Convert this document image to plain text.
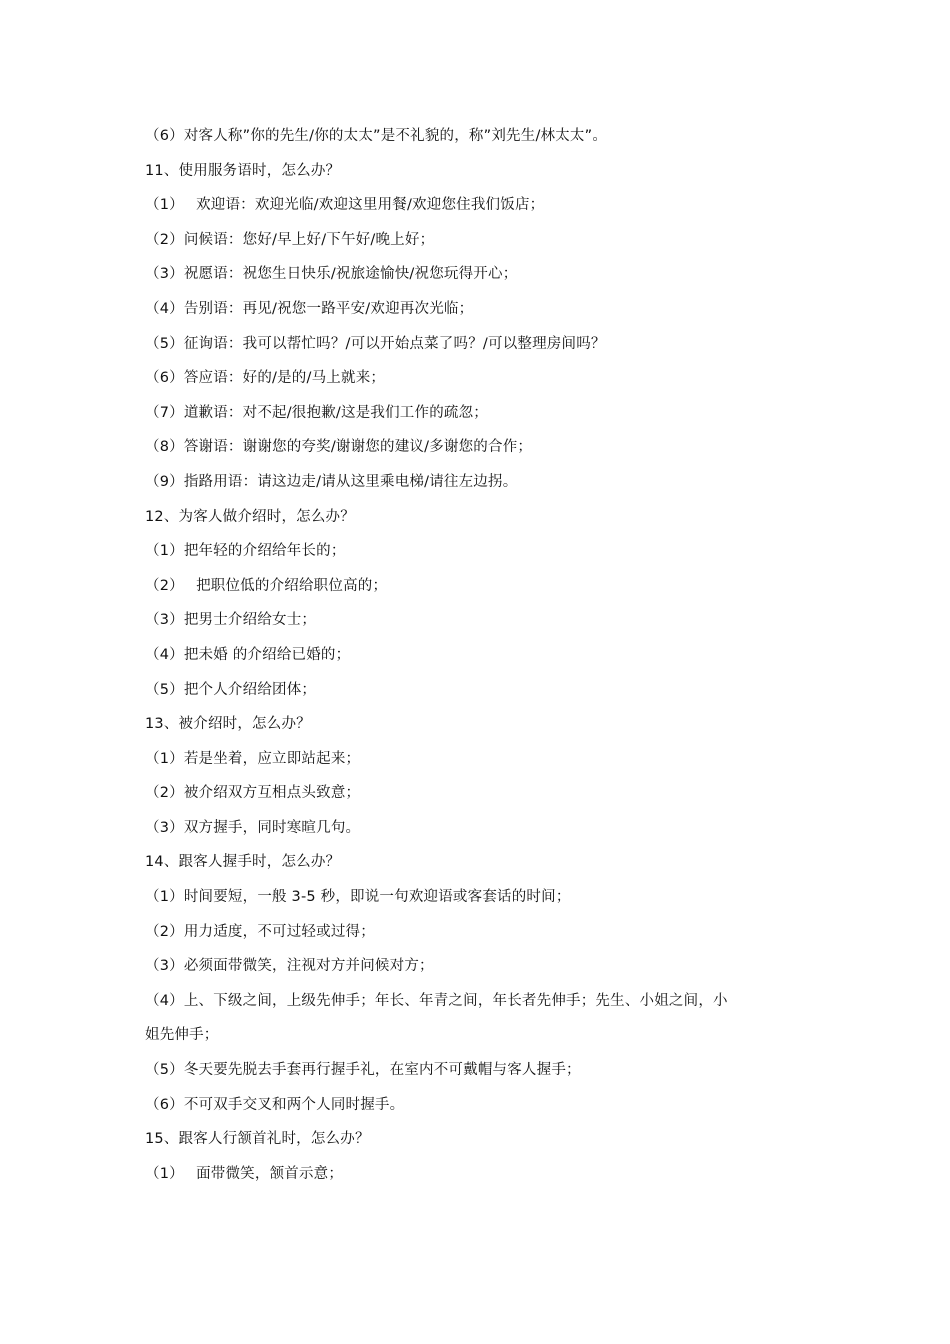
（6）对客人称”你的先生/你的太太”是不礼貌的，称”刘先生/林太太”。
11、使用服务语时，怎么办？
（1）　 欢迎语：欢迎光临/欢迎这里用餐/欢迎您住我们饭店；
（2）问候语：您好/早上好/下午好/晚上好；
（3）祝愿语：祝您生日快乐/祝旅途愉快/祝您玩得开心；
（4）告别语：再见/祝您一路平安/欢迎再次光临；
（5）征询语：我可以帮忙吗？/可以开始点菜了吗？/可以整理房间吗？
（6）答应语：好的/是的/马上就来；
（7）道歉语：对不起/很抱歉/这是我们工作的疏忽；
（8）答谢语：谢谢您的夸奖/谢谢您的建议/多谢您的合作；
（9）指路用语：请这边走/请从这里乘电梯/请往左边拐。
12、为客人做介绍时，怎么办？
（1）把年轻的介绍给年长的；
（2）　 把职位低的介绍给职位高的；
（3）把男士介绍给女士；
（4）把未婚 的介绍给已婚的；
（5）把个人介绍给团体；
13、被介绍时，怎么办？
（1）若是坐着，应立即站起来；
（2）被介绍双方互相点头致意；
（3）双方握手，同时寒暄几句。
14、跟客人握手时，怎么办？
（1）时间要短，一般 3-5 秒，即说一句欢迎语或客套话的时间；
（2）用力适度，不可过轻或过得；
（3）必须面带微笑，注视对方并问候对方；
（4）上、下级之间，上级先伸手；年长、年青之间，年长者先伸手；先生、小姐之间，小
姐先伸手；
（5）冬天要先脱去手套再行握手礼，在室内不可戴帽与客人握手；
（6）不可双手交叉和两个人同时握手。
15、跟客人行颔首礼时，怎么办？
（1）　 面带微笑，颔首示意；
